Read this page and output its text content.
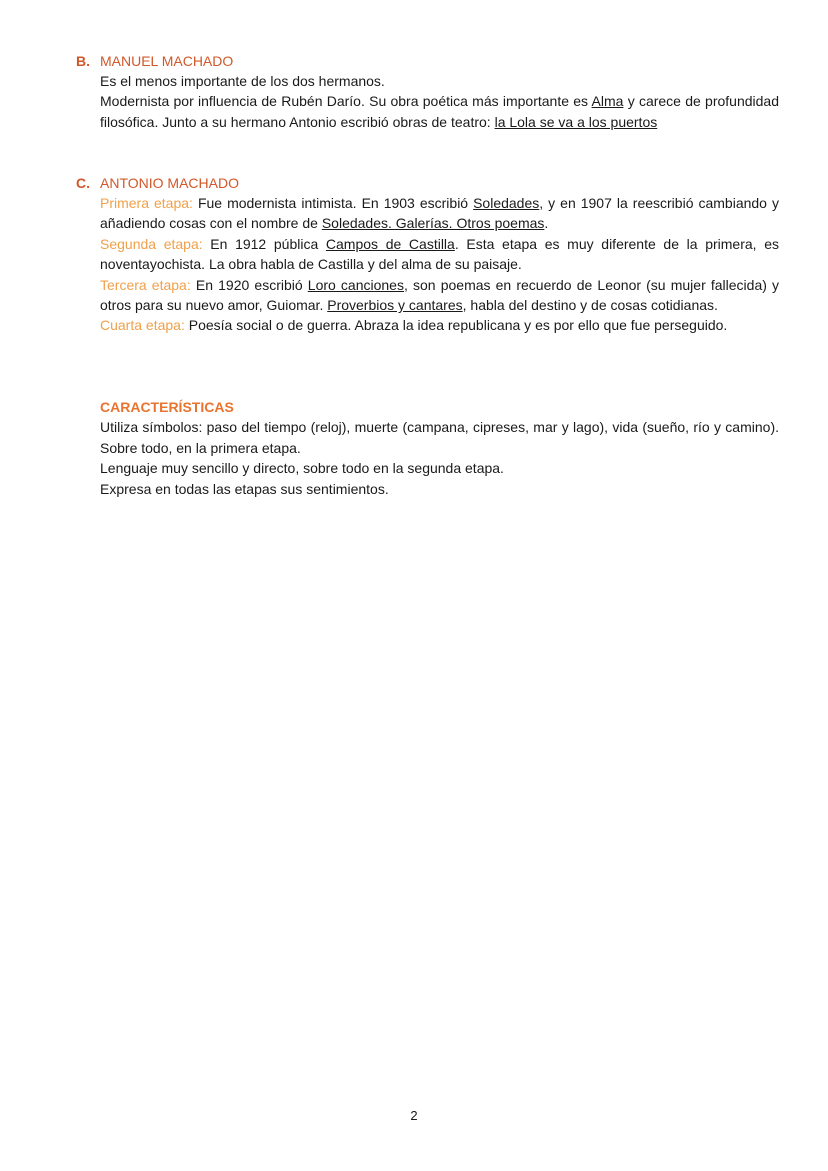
B. MANUEL MACHADO

Es el menos importante de los dos hermanos.

Modernista por influencia de Rubén Darío. Su obra poética más importante es Alma y carece de profundidad filosófica. Junto a su hermano Antonio escribió obras de teatro: la Lola se va a los puertos

C. ANTONIO MACHADO

Primera etapa: Fue modernista intimista. En 1903 escribió Soledades, y en 1907 la reescribió cambiando y añadiendo cosas con el nombre de Soledades. Galerías. Otros poemas.

Segunda etapa: En 1912 pública Campos de Castilla. Esta etapa es muy diferente de la primera, es noventayochista. La obra habla de Castilla y del alma de su paisaje.

Tercera etapa: En 1920 escribió Loro canciones, son poemas en recuerdo de Leonor (su mujer fallecida) y otros para su nuevo amor, Guiomar. Proverbios y cantares, habla del destino y de cosas cotidianas.

Cuarta etapa: Poesía social o de guerra. Abraza la idea republicana y es por ello que fue perseguido.

CARACTERÍSTICAS

Utiliza símbolos: paso del tiempo (reloj), muerte (campana, cipreses, mar y lago), vida (sueño, río y camino). Sobre todo, en la primera etapa.

Lenguaje muy sencillo y directo, sobre todo en la segunda etapa.

Expresa en todas las etapas sus sentimientos.

2
